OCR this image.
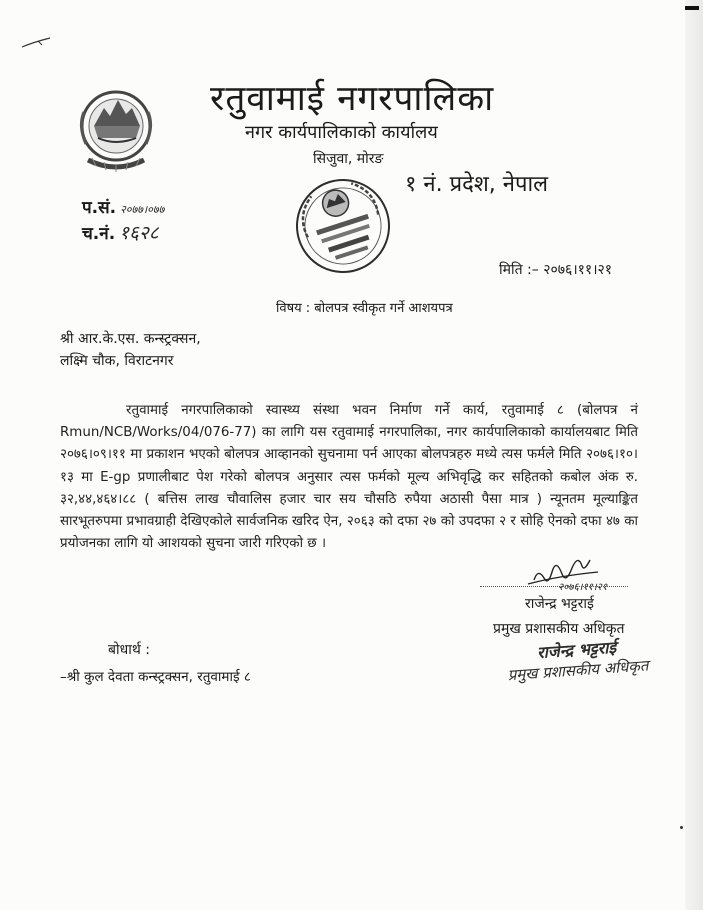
रतुवामाई नगरपालिका
नगर कार्यपालिकाको कार्यालय
सिजुवा, मोरङ
१ नं. प्रदेश, नेपाल
प.सं. २०७७।०७७
च.नं. १६२८
मिति :– २०७६।११।२१
विषय : बोलपत्र स्वीकृत गर्ने आशयपत्र
श्री आर.के.एस. कन्स्ट्रक्सन,
लक्ष्मि चौक, विराटनगर
रतुवामाई नगरपालिकाको स्वास्थ्य संस्था भवन निर्माण गर्ने कार्य, रतुवामाई ८ (बोलपत्र नं Rmun/NCB/Works/04/076-77) का लागि यस रतुवामाई नगरपालिका, नगर कार्यपालिकाको कार्यालयबाट मिति २०७६।०९।११ मा प्रकाशन भएको बोलपत्र आव्हानको सुचनामा पर्न आएका बोलपत्रहरु मध्ये त्यस फर्मले मिति २०७६।१०।१३ मा E-gp प्रणालीबाट पेश गरेको बोलपत्र अनुसार त्यस फर्मको मूल्य अभिवृद्धि कर सहितको कबोल अंक रु. ३२,४४,४६४।८८ ( बत्तिस लाख चौवालिस हजार चार सय चौसठि रुपैया अठासी पैसा मात्र ) न्यूनतम मूल्याङ्कित सारभूतरुपमा प्रभावग्राही देखिएकोले सार्वजनिक खरिद ऐन, २०६३ को दफा २७ को उपदफा २ र सोहि ऐनको दफा ४७ का प्रयोजनका लागि यो आशयको सुचना जारी गरिएको छ ।
२०७६।११।२१
राजेन्द्र भट्टराई
प्रमुख प्रशासकीय अधिकृत
राजेन्द्र भट्टराई
प्रमुख प्रशासकीय अधिकृत
बोधार्थ :
–श्री कुल देवता कन्स्ट्रक्सन, रतुवामाई ८
